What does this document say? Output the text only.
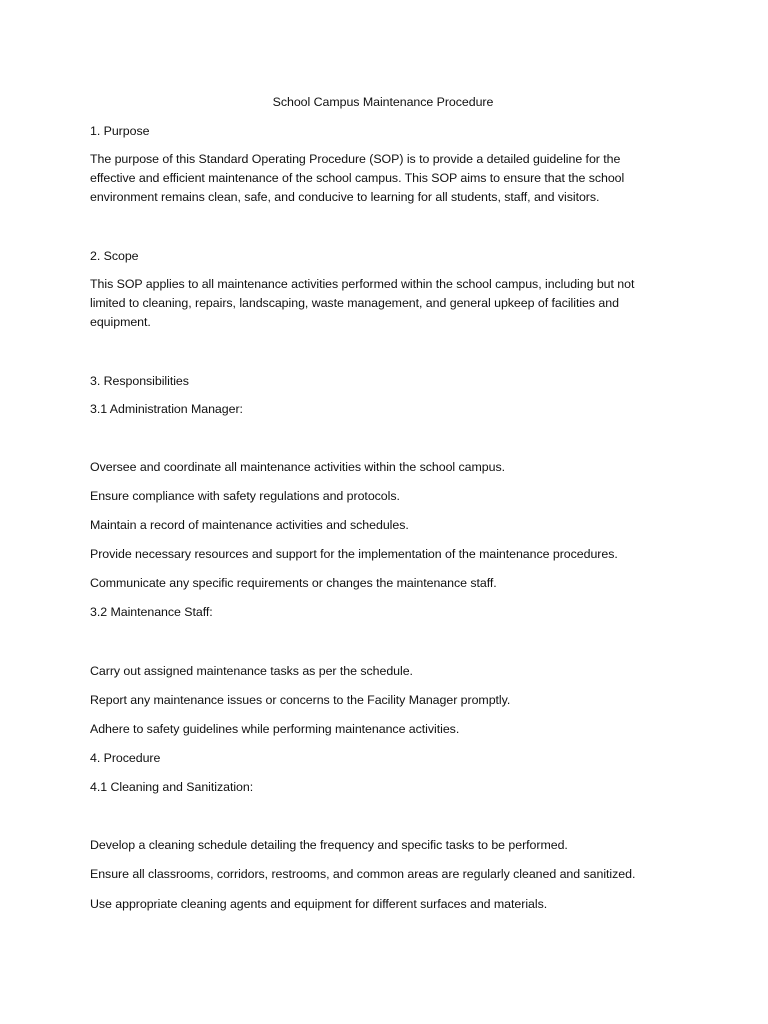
School Campus Maintenance Procedure
1. Purpose
The purpose of this Standard Operating Procedure (SOP) is to provide a detailed guideline for the
effective and efficient maintenance of the school campus. This SOP aims to ensure that the school
environment remains clean, safe, and conducive to learning for all students, staff, and visitors.
2. Scope
This SOP applies to all maintenance activities performed within the school campus, including but not
limited to cleaning, repairs, landscaping, waste management, and general upkeep of facilities and
equipment.
3. Responsibilities
3.1 Administration Manager:
Oversee and coordinate all maintenance activities within the school campus.
Ensure compliance with safety regulations and protocols.
Maintain a record of maintenance activities and schedules.
Provide necessary resources and support for the implementation of the maintenance procedures.
Communicate any specific requirements or changes the maintenance staff.
3.2 Maintenance Staff:
Carry out assigned maintenance tasks as per the schedule.
Report any maintenance issues or concerns to the Facility Manager promptly.
Adhere to safety guidelines while performing maintenance activities.
4. Procedure
4.1 Cleaning and Sanitization:
Develop a cleaning schedule detailing the frequency and specific tasks to be performed.
Ensure all classrooms, corridors, restrooms, and common areas are regularly cleaned and sanitized.
Use appropriate cleaning agents and equipment for different surfaces and materials.
